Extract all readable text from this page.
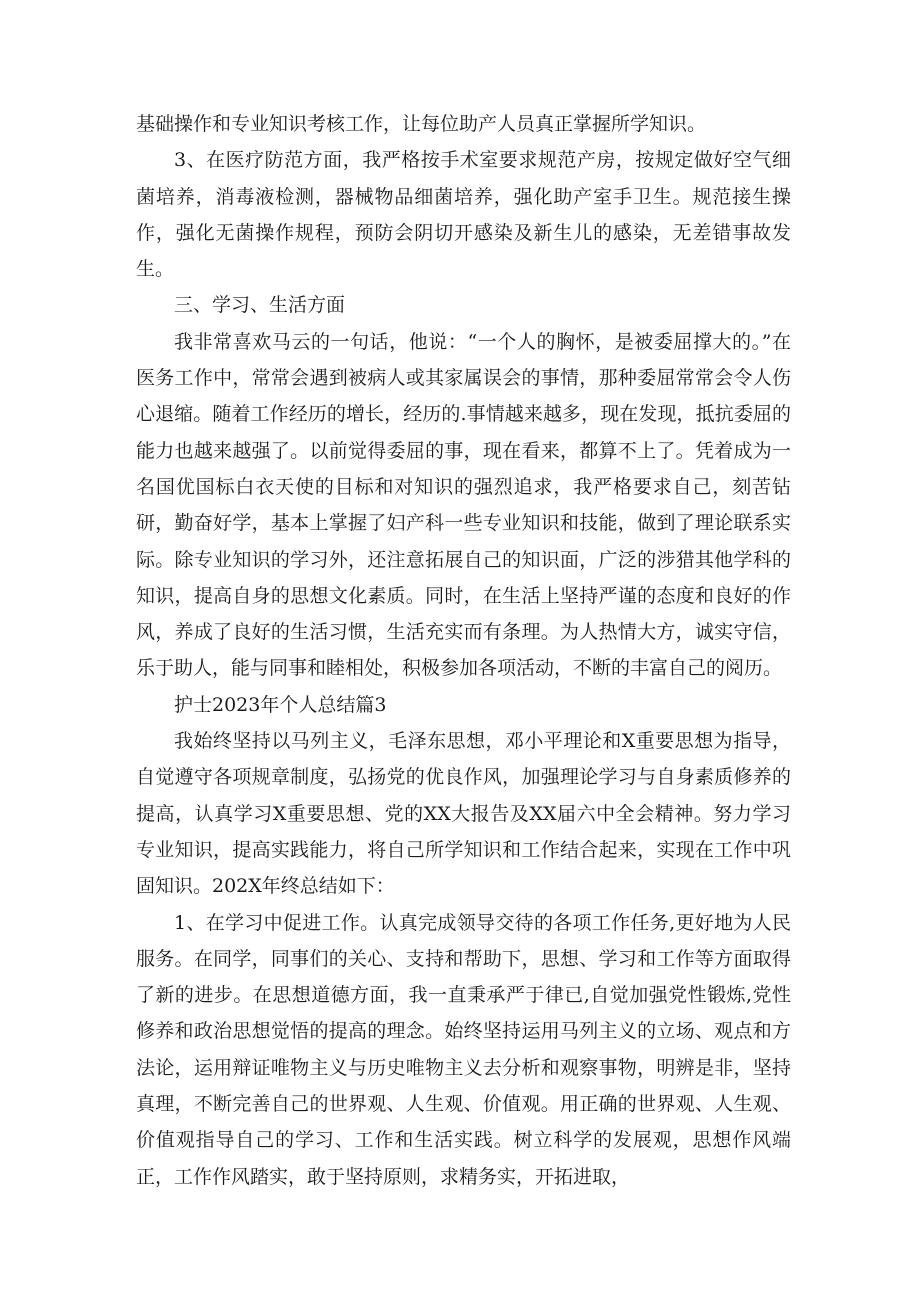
基础操作和专业知识考核工作，让每位助产人员真正掌握所学知识。

3、在医疗防范方面，我严格按手术室要求规范产房，按规定做好空气细菌培养，消毒液检测，器械物品细菌培养，强化助产室手卫生。规范接生操作，强化无菌操作规程，预防会阴切开感染及新生儿的感染，无差错事故发生。

三、学习、生活方面

我非常喜欢马云的一句话，他说：“一个人的胸怀，是被委屈撑大的。”在医务工作中，常常会遇到被病人或其家属误会的事情，那种委屈常常会令人伤心退缩。随着工作经历的增长，经历的.事情越来越多，现在发现，抵抗委屈的能力也越来越强了。以前觉得委屈的事，现在看来，都算不上了。凭着成为一名国优国标白衣天使的目标和对知识的强烈追求，我严格要求自己，刻苦钻研，勤奋好学，基本上掌握了妇产科一些专业知识和技能，做到了理论联系实际。除专业知识的学习外，还注意拓展自己的知识面，广泛的涉猎其他学科的知识，提高自身的思想文化素质。同时，在生活上坚持严谨的态度和良好的作风，养成了良好的生活习惯，生活充实而有条理。为人热情大方，诚实守信，乐于助人，能与同事和睦相处，积极参加各项活动，不断的丰富自己的阅历。

护士2023年个人总结篇3

我始终坚持以马列主义，毛泽东思想，邓小平理论和X重要思想为指导，自觉遵守各项规章制度，弘扬党的优良作风，加强理论学习与自身素质修养的提高，认真学习X重要思想、党的XX大报告及XX届六中全会精神。努力学习专业知识，提高实践能力，将自己所学知识和工作结合起来，实现在工作中巩固知识。202X年终总结如下：

1、在学习中促进工作。认真完成领导交待的各项工作任务,更好地为人民服务。在同学，同事们的关心、支持和帮助下，思想、学习和工作等方面取得了新的进步。在思想道德方面，我一直秉承严于律已,自觉加强党性锻炼,党性修养和政治思想觉悟的提高的理念。始终坚持运用马列主义的立场、观点和方法论，运用辩证唯物主义与历史唯物主义去分析和观察事物，明辨是非，坚持真理，不断完善自己的世界观、人生观、价值观。用正确的世界观、人生观、价值观指导自己的学习、工作和生活实践。树立科学的发展观，思想作风端正，工作作风踏实，敢于坚持原则，求精务实，开拓进取，
